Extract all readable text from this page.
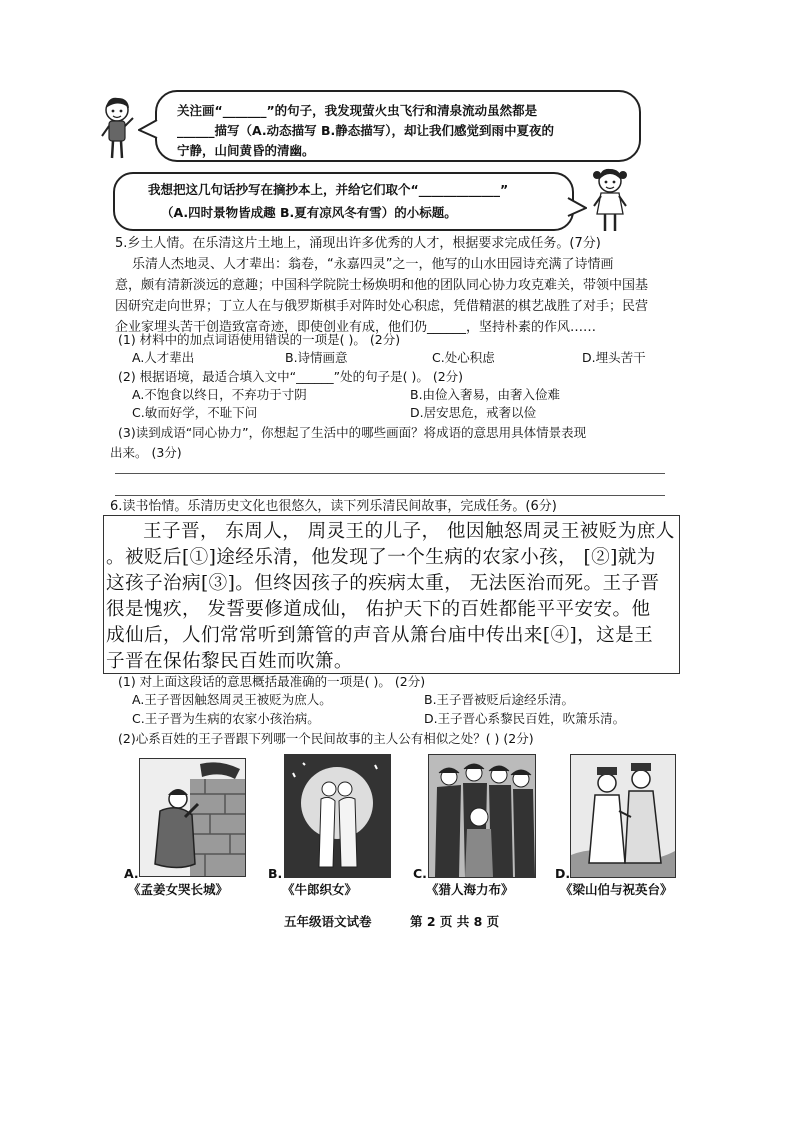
关注画“_______”的句子，我发现萤火虫飞行和清泉流动虽然都是
______描写（A.动态描写 B.静态描写），却让我们感觉到雨中夏夜的
宁静，山间黄昏的清幽。
我想把这几句话抄写在摘抄本上，并给它们取个“_____________”
（A.四时景物皆成趣 B.夏有凉风冬有雪）的小标题。
5.乡土人情。在乐清这片土地上，涌现出许多优秀的人才，根据要求完成任务。(7分)
乐清人杰地灵、人才辈出：翁卷，“永嘉四灵”之一，他写的山水田园诗充满了诗情画
意，颇有清新淡远的意趣；中国科学院院士杨焕明和他的团队同心协力攻克难关，带领中国基
因研究走向世界；丁立人在与俄罗斯棋手对阵时处心积虑，凭借精湛的棋艺战胜了对手；民营
企业家埋头苦干创造致富奇迹，即使创业有成，他们仍______，坚持朴素的作风……
(1) 材料中的加点词语使用错误的一项是( )。 (2分)
A.人才辈出	B.诗情画意	C.处心积虑	D.埋头苦干
(2) 根据语境，最适合填入文中“______”处的句子是( )。 (2分)
A.不饱食以终日，不弃功于寸阴	B.由俭入奢易，由奢入俭难
C.敏而好学，不耻下问	D.居安思危，戒奢以俭
(3)读到成语“同心协力”，你想起了生活中的哪些画面？将成语的意思用具体情景表现
出来。 (3分)
6.读书怡情。乐清历史文化也很悠久，读下列乐清民间故事，完成任务。(6分)
王子晋， 东周人， 周灵王的儿子， 他因触怒周灵王被贬为庶人
。被贬后[①]途经乐清，他发现了一个生病的农家小孩， [②]就为
这孩子治病[③]。但终因孩子的疾病太重， 无法医治而死。王子晋
很是愧疚， 发誓要修道成仙， 佑护天下的百姓都能平平安安。他
成仙后，人们常常听到箫管的声音从箫台庙中传出来[④]，这是王
子晋在保佑黎民百姓而吹箫。
(1) 对上面这段话的意思概括最准确的一项是( )。 (2分)
A.王子晋因触怒周灵王被贬为庶人。	B.王子晋被贬后途经乐清。
C.王子晋为生病的农家小孩治病。	D.王子晋心系黎民百姓，吹箫乐清。
(2)心系百姓的王子晋跟下列哪一个民间故事的主人公有相似之处？( ) (2分)
A.
《孟姜女哭长城》
B.
《牛郎织女》
C.
《猎人海力布》
D.
《梁山伯与祝英台》
五年级语文试卷	第 2 页 共 8 页
